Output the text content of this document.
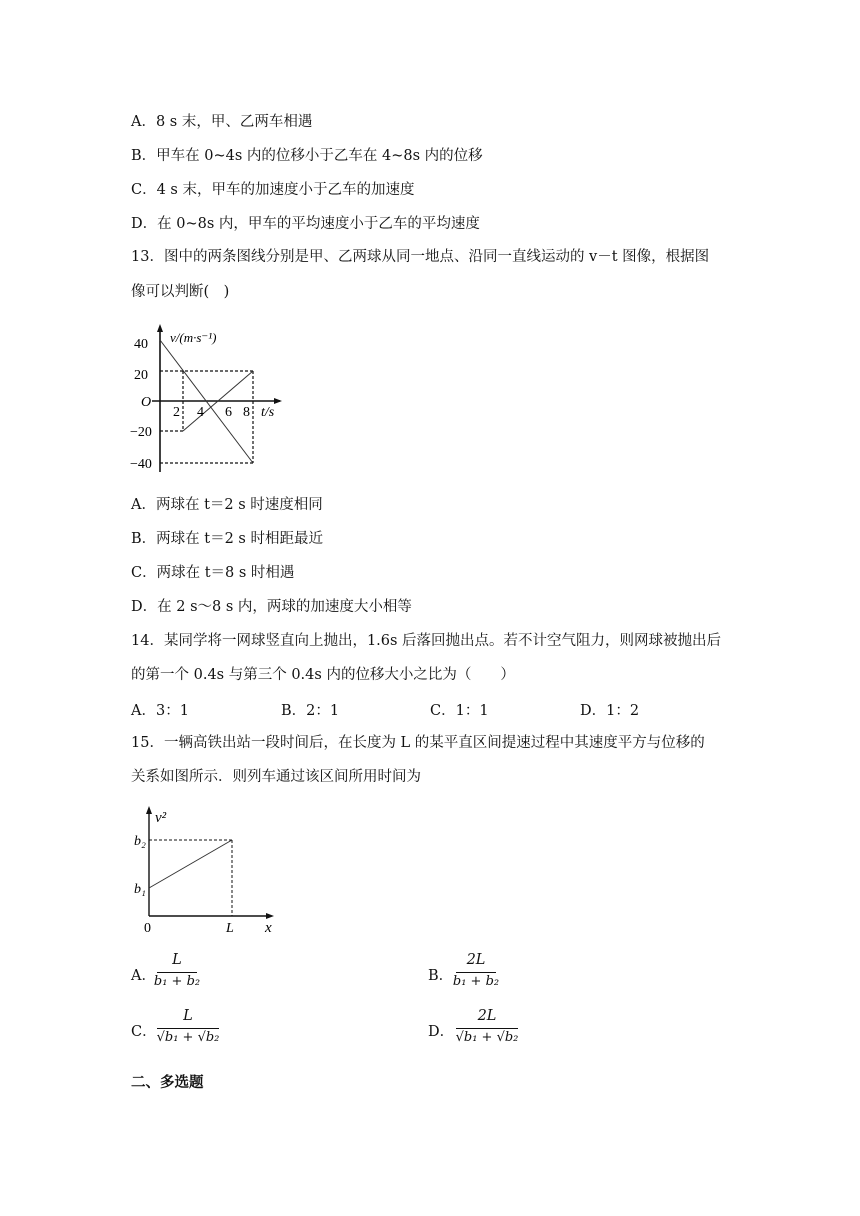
A．8 s 末，甲、乙两车相遇
B．甲车在 0~4s 内的位移小于乙车在 4~8s 内的位移
C．4 s 末，甲车的加速度小于乙车的加速度
D．在 0~8s 内，甲车的平均速度小于乙车的平均速度
13．图中的两条图线分别是甲、乙两球从同一地点、沿同一直线运动的 v－t 图像，根据图
像可以判断(　)
v/(m·s⁻¹)
40
20
O
−20
−40
2 4 6 8 t/s
A．两球在 t＝2 s 时速度相同
B．两球在 t＝2 s 时相距最近
C．两球在 t＝8 s 时相遇
D．在 2 s～8 s 内，两球的加速度大小相等
14．某同学将一网球竖直向上抛出，1.6s 后落回抛出点。若不计空气阻力，则网球被抛出后
的第一个 0.4s 与第三个 0.4s 内的位移大小之比为（　　）
A．3：1	B．2：1	C．1：1	D．1：2
15．一辆高铁出站一段时间后，在长度为 L 的某平直区间提速过程中其速度平方与位移的
关系如图所示．则列车通过该区间所用时间为
v²
b₂
b₁
0	L x
A．
L
b₁ + b₂	B．
2L
b₁ + b₂
C．
L
√b₁ + √b₂	D．
2L
√b₁ + √b₂
二、多选题
